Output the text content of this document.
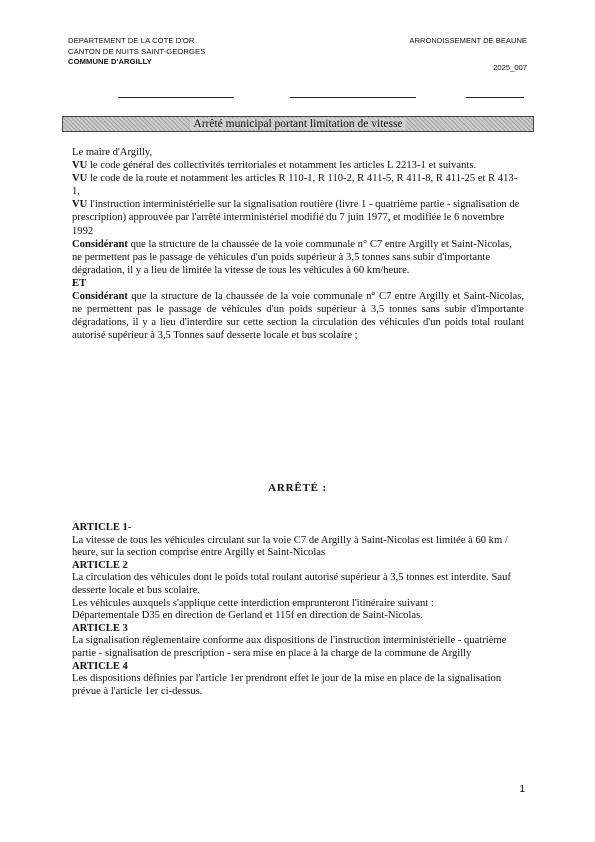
DEPARTEMENT DE LA COTE D'OR
CANTON DE NUITS SAINT-GEORGES
COMMUNE D'ARGILLY
ARRONDISSEMENT DE BEAUNE
2025_007
Arrêté municipal portant limitation de vitesse

Le maire d'Argilly,

VU le code général des collectivités territoriales et notamment les articles L 2213-1 et suivants.

VU le code de la route et notamment les articles R 110-1, R 110-2, R 411-5, R 411-8, R 411-25 et R 413-1,

VU l'instruction interministérielle sur la signalisation routière (livre 1 - quatrième partie - signalisation de prescription) approuvée par l'arrêté interministériel modifié du 7 juin 1977, et modifiée le 6 novembre 1992

Considérant que la structure de la chaussée de la voie communale n° C7 entre Argilly et Saint-Nicolas, ne permettent pas le passage de véhicules d'un poids supérieur à 3,5 tonnes sans subir d'importante dégradation, il y a lieu de limitée la vitesse de tous les véhicules à 60 km/heure.

ET

Considérant que la structure de la chaussée de la voie communale n° C7 entre Argilly et Saint-Nicolas, ne permettent pas le passage de véhicules d'un poids supérieur à 3,5 tonnes sans subir d'importante dégradations, il y a lieu d'interdire sur cette section la circulation des véhicules d'un poids total roulant autorisé supérieur à 3,5 Tonnes sauf desserte locale et bus scolaire ;

ARRÊTÉ :

ARTICLE 1-

La vitesse de tous les véhicules circulant sur la voie C7 de Argilly à Saint-Nicolas est limitée à 60 km / heure, sur la section comprise entre Argilly et Saint-Nicolas

ARTICLE 2

La circulation des véhicules dont le poids total roulant autorisé supérieur à 3,5 tonnes est interdite. Sauf desserte locale et bus scolaire.

Les véhicules auxquels s'applique cette interdiction emprunteront l'itinéraire suivant :

Départementale D35 en direction de Gerland et 115f en direction de Saint-Nicolas.

ARTICLE 3

La signalisation réglementaire conforme aux dispositions de l'instruction interministérielle - quatrième partie - signalisation de prescription - sera mise en place à la charge de la commune de Argilly

ARTICLE 4

Les dispositions définies par l'article 1er prendront effet le jour de la mise en place de la signalisation prévue à l'article 1er ci-dessus.

1
